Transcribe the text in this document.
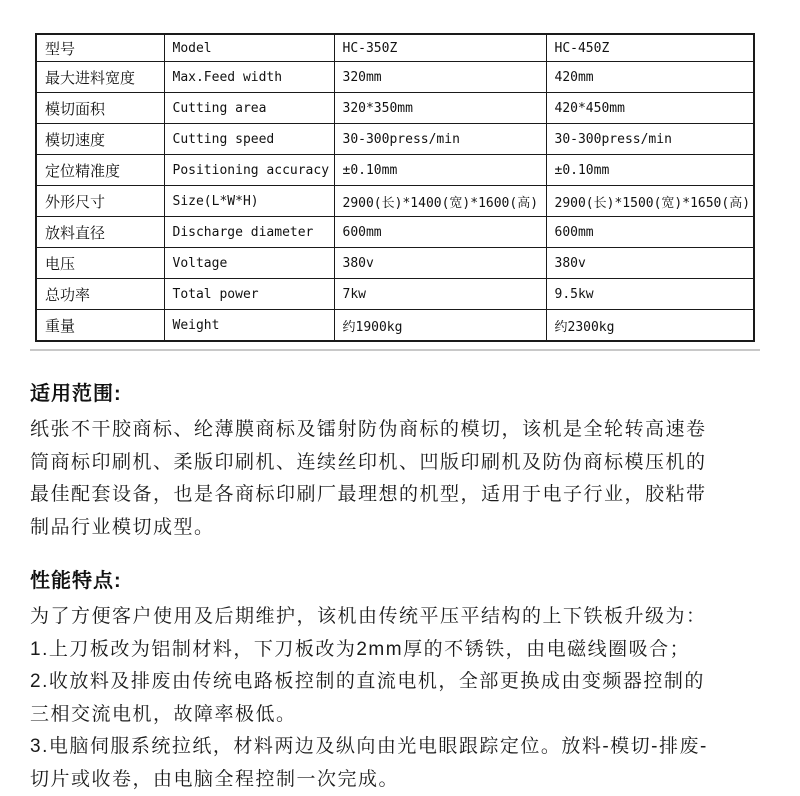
型号	Model	HC-350Z	HC-450Z
最大进料宽度	Max.Feed width	320mm	420mm
模切面积	Cutting area	320*350mm	420*450mm
模切速度	Cutting speed	30-300press/min	30-300press/min
定位精准度	Positioning accuracy	±0.10mm	±0.10mm
外形尺寸	Size(L*W*H)	2900(长)*1400(宽)*1600(高)	2900(长)*1500(宽)*1650(高)
放料直径	Discharge diameter	600mm	600mm
电压	Voltage	380v	380v
总功率	Total power	7kw	9.5kw
重量	Weight	约1900kg	约2300kg
适用范围:
纸张不干胶商标、纶薄膜商标及镭射防伪商标的模切，该机是全轮转高速卷
筒商标印刷机、柔版印刷机、连续丝印机、凹版印刷机及防伪商标模压机的
最佳配套设备，也是各商标印刷厂最理想的机型，适用于电子行业，胶粘带
制品行业模切成型。
性能特点:
为了方便客户使用及后期维护，该机由传统平压平结构的上下铁板升级为：
1.上刀板改为铝制材料，下刀板改为2mm厚的不锈铁，由电磁线圈吸合；
2.收放料及排废由传统电路板控制的直流电机，全部更换成由变频器控制的
三相交流电机，故障率极低。
3.电脑伺服系统拉纸，材料两边及纵向由光电眼跟踪定位。放料-模切-排废-
切片或收卷，由电脑全程控制一次完成。
